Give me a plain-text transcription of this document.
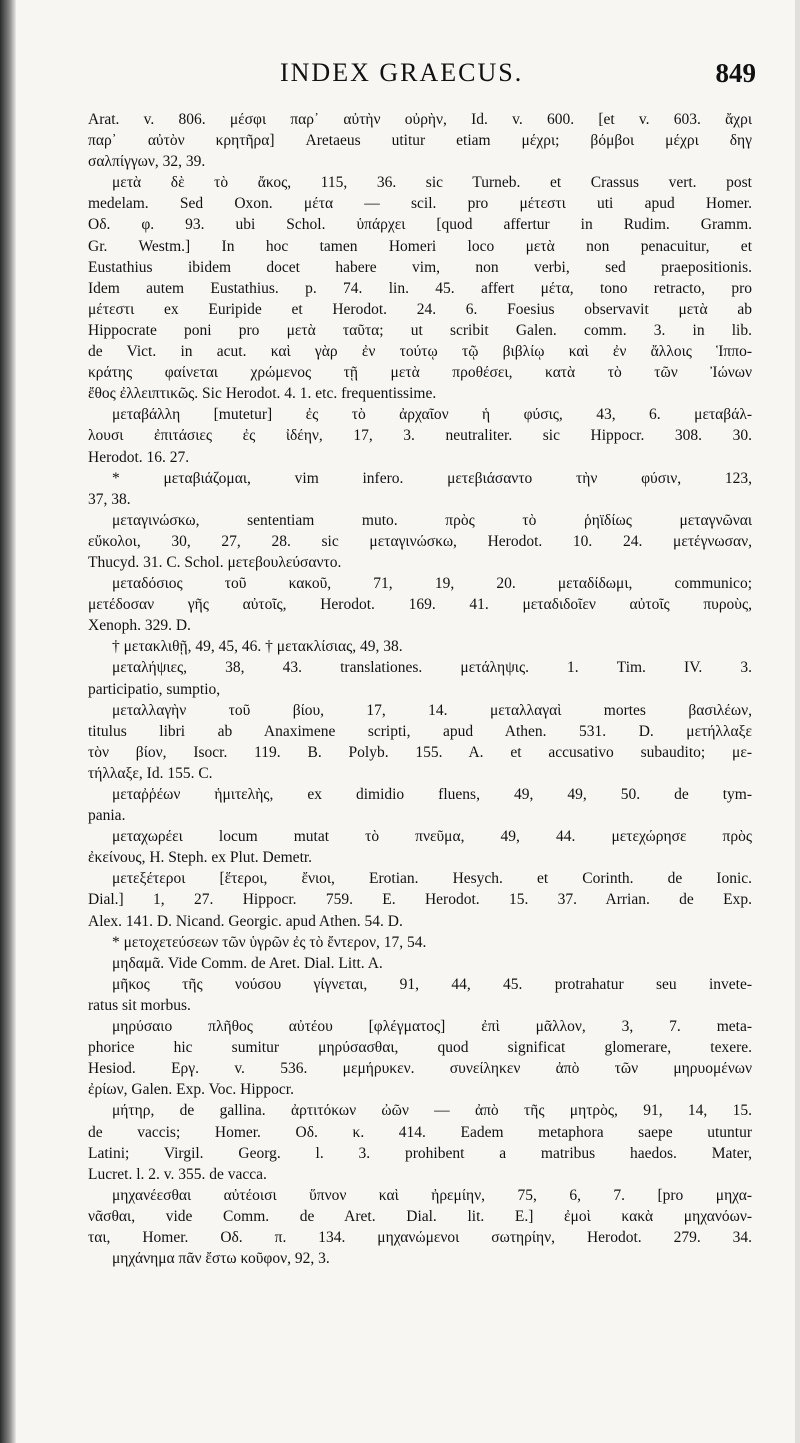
INDEX GRAECUS.	849
Arat. v. 806. μέσφι παρ᾽ αὐτὴν οὐρὴν, Id. v. 600. [et v. 603. ἄχρι
παρ᾽ αὐτὸν κρητῆρα] Aretaeus utitur etiam μέχρι; βόμβοι μέχρι δηγ
σαλπίγγων, 32, 39.
μετὰ δὲ τὸ ἄκος, 115, 36. sic Turneb. et Crassus vert. post
medelam. Sed Oxon. μέτα — scil. pro μέτεστι uti apud Homer.
Οδ. φ. 93. ubi Schol. ὑπάρχει [quod affertur in Rudim. Gramm.
Gr. Westm.] In hoc tamen Homeri loco μετὰ non penacuitur, et
Eustathius ibidem docet habere vim, non verbi, sed praepositionis.
Idem autem Eustathius. p. 74. lin. 45. affert μέτα, tono retracto, pro
μέτεστι ex Euripide et Herodot. 24. 6. Foesius observavit μετὰ ab
Hippocrate poni pro μετὰ ταῦτα; ut scribit Galen. comm. 3. in lib.
de Vict. in acut. καὶ γὰρ ἐν τούτῳ τῷ βιβλίῳ καὶ ἐν ἄλλοις Ἱππο-
κράτης φαίνεται χρώμενος τῇ μετὰ προθέσει, κατὰ τὸ τῶν Ἰώνων
ἔθος ἐλλειπτικῶς. Sic Herodot. 4. 1. etc. frequentissime.
μεταβάλλη [mutetur] ἐς τὸ ἀρχαῖον ἡ φύσις, 43, 6. μεταβάλ-
λουσι ἐπιτάσιες ἐς ἰδέην, 17, 3. neutraliter. sic Hippocr. 308. 30.
Herodot. 16. 27.
* μεταβιάζομαι, vim infero. μετεβιάσαντο τὴν φύσιν, 123,
37, 38.
μεταγινώσκω, sententiam muto. πρὸς τὸ ῥηϊδίως μεταγνῶναι
εὔκολοι, 30, 27, 28. sic μεταγινώσκω, Herodot. 10. 24. μετέγνωσαν,
Thucyd. 31. C. Schol. μετεβουλεύσαντο.
μεταδόσιος τοῦ κακοῦ, 71, 19, 20. μεταδίδωμι, communico;
μετέδοσαν γῆς αὐτοῖς, Herodot. 169. 41. μεταδιδοῖεν αὐτοῖς πυροὺς,
Xenoph. 329. D.
† μετακλιθῇ, 49, 45, 46. † μετακλίσιας, 49, 38.
μεταλήψιες, 38, 43. translationes. μετάληψις. 1. Tim. IV. 3.
participatio, sumptio,
μεταλλαγὴν τοῦ βίου, 17, 14. μεταλλαγαὶ mortes βασιλέων,
titulus libri ab Anaximene scripti, apud Athen. 531. D. μετήλλαξε
τὸν βίον, Isocr. 119. B. Polyb. 155. A. et accusativo subaudito; με-
τήλλαξε, Id. 155. C.
μεταῤῥέων ἡμιτελὴς, ex dimidio fluens, 49, 49, 50. de tym-
pania.
μεταχωρέει locum mutat τὸ πνεῦμα, 49, 44. μετεχώρησε πρὸς
ἐκείνους, H. Steph. ex Plut. Demetr.
μετεξέτεροι [ἕτεροι, ἔνιοι, Erotian. Hesych. et Corinth. de Ionic.
Dial.] 1, 27. Hippocr. 759. E. Herodot. 15. 37. Arrian. de Exp.
Alex. 141. D. Nicand. Georgic. apud Athen. 54. D.
* μετοχετεύσεων τῶν ὑγρῶν ἐς τὸ ἔντερον, 17, 54.
μηδαμᾶ. Vide Comm. de Aret. Dial. Litt. A.
μῆκος τῆς νούσου γίγνεται, 91, 44, 45. protrahatur seu invete-
ratus sit morbus.
μηρύσαιο πλῆθος αὐτέου [φλέγματος] ἐπὶ μᾶλλον, 3, 7. meta-
phorice hic sumitur μηρύσασθαι, quod significat glomerare, texere.
Hesiod. Εργ. v. 536. μεμήρυκεν. συνείληκεν ἀπὸ τῶν μηρυομένων
ἐρίων, Galen. Exp. Voc. Hippocr.
μήτηρ, de gallina. ἀρτιτόκων ὠῶν — ἀπὸ τῆς μητρὸς, 91, 14, 15.
de vaccis; Homer. Οδ. κ. 414. Eadem metaphora saepe utuntur
Latini; Virgil. Georg. l. 3. prohibent a matribus haedos. Mater,
Lucret. l. 2. v. 355. de vacca.
μηχανέεσθαι αὐτέοισι ὕπνον καὶ ἠρεμίην, 75, 6, 7. [pro μηχα-
νᾶσθαι, vide Comm. de Aret. Dial. lit. E.] ἐμοὶ κακὰ μηχανόων-
ται, Homer. Οδ. π. 134. μηχανώμενοι σωτηρίην, Herodot. 279. 34.
μηχάνημα πᾶν ἔστω κοῦφον, 92, 3.
